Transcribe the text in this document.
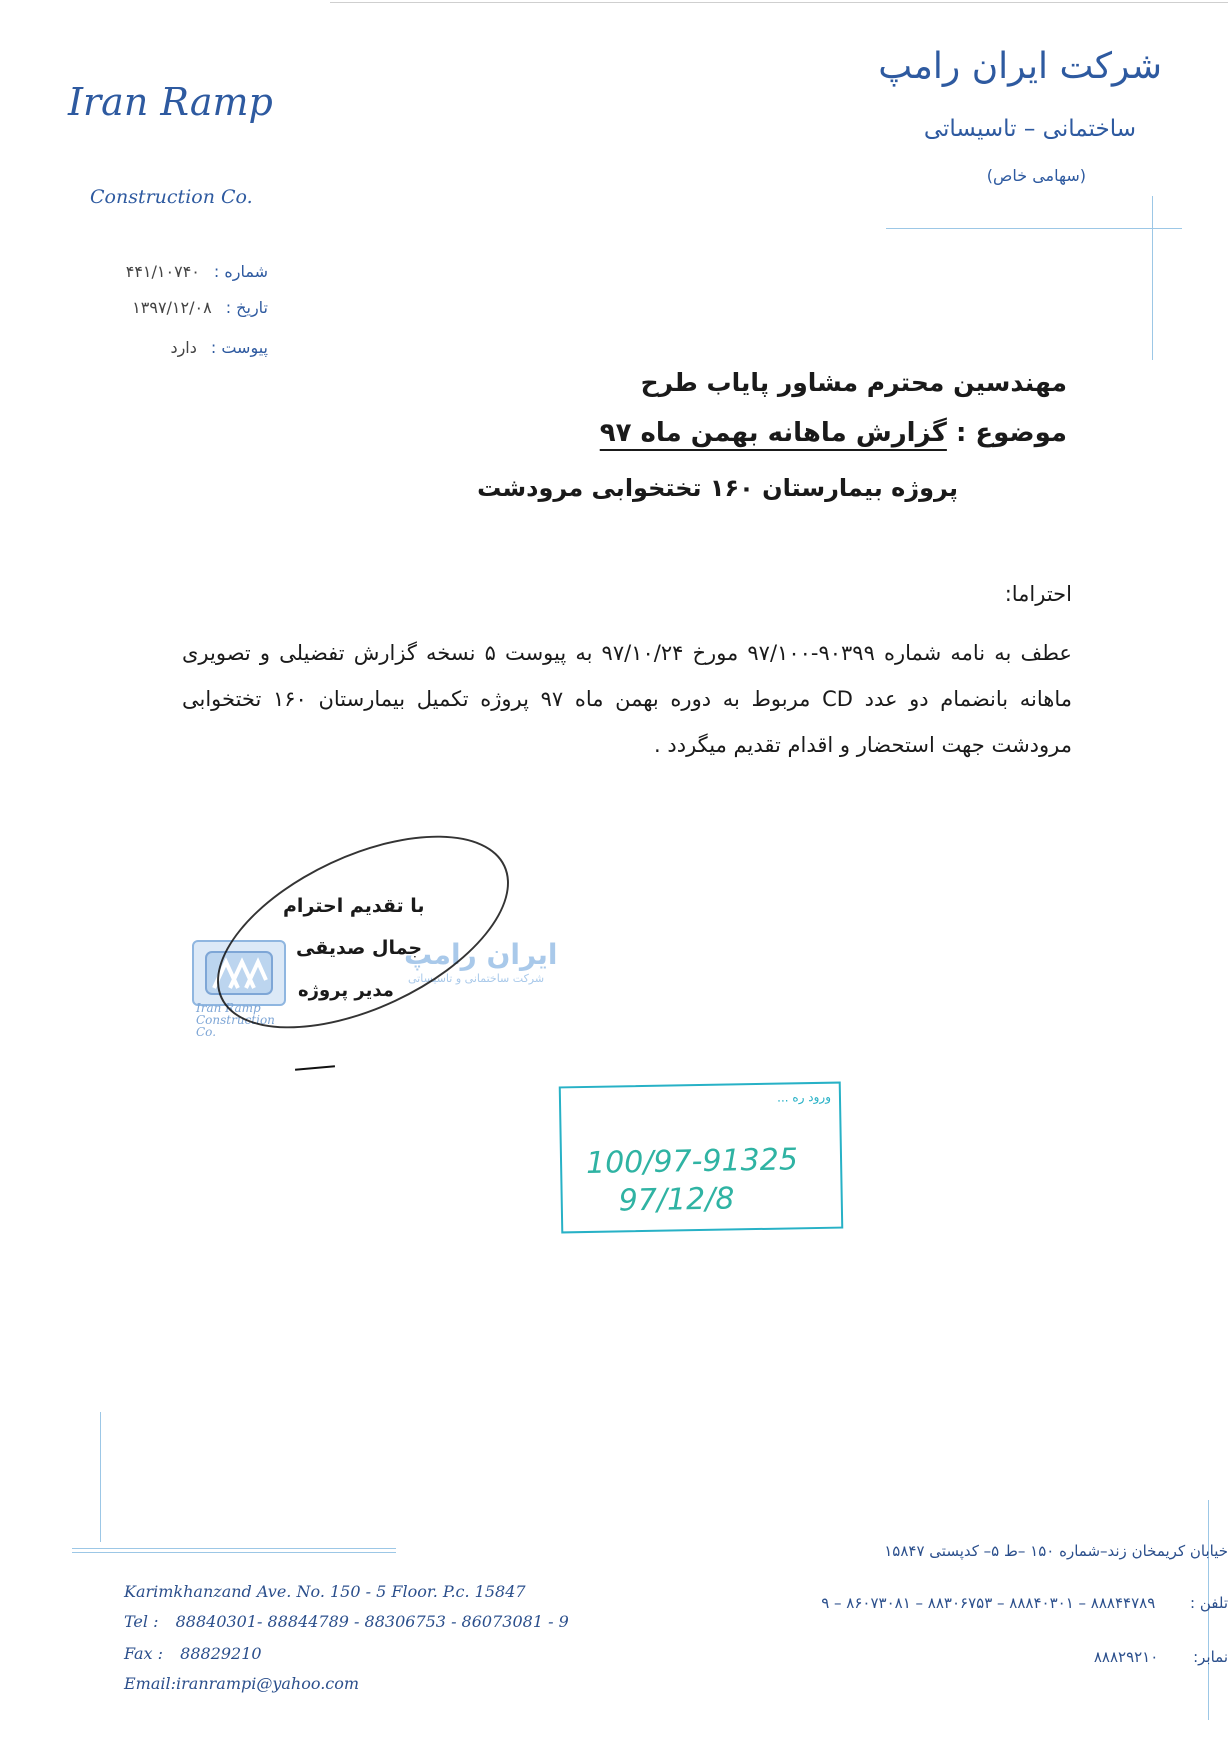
Iran Ramp
Construction Co.
شرکت ایران رامپ
ساختمانی – تاسیساتی
(سهامی خاص)
شماره :
۴۴۱/۱۰۷۴۰
تاریخ :
۱۳۹۷/۱۲/۰۸
پیوست :
دارد
مهندسین محترم مشاور پایاب طرح
موضوع : گزارش ماهانه بهمن ماه ۹۷
پروژه بیمارستان ۱۶۰ تختخوابی مرودشت
احتراما:
عطف به نامه شماره ۹۰۳۹۹-۹۷/۱۰۰ مورخ ۹۷/۱۰/۲۴ به پیوست ۵ نسخه گزارش تفضیلی و تصویری ماهانه بانضمام دو عدد CD مربوط به دوره بهمن ماه ۹۷ پروژه تکمیل بیمارستان ۱۶۰ تختخوابی مرودشت جهت استحضار و اقدام تقدیم میگردد .
Iran Ramp Construction Co.
ایران رامپ
شرکت ساختمانی و تاسیساتی
با تقدیم احترام
جمال صدیقی
مدیر پروژه
ورود ره ...
100/97-91325
97/12/8
Karimkhanzand Ave. No. 150 - 5 Floor. P.c. 15847
Tel : 88840301- 88844789 - 88306753 - 86073081 - 9
Fax : 88829210
Email:iranrampi@yahoo.com
خیابان کریمخان زند–شماره ۱۵۰ –ط ۵– کدپستی ۱۵۸۴۷
تلفن : ۸۸۸۴۴۷۸۹ – ۸۸۸۴۰۳۰۱ – ۸۸۳۰۶۷۵۳ – ۸۶۰۷۳۰۸۱ – ۹
نمابر: ۸۸۸۲۹۲۱۰
